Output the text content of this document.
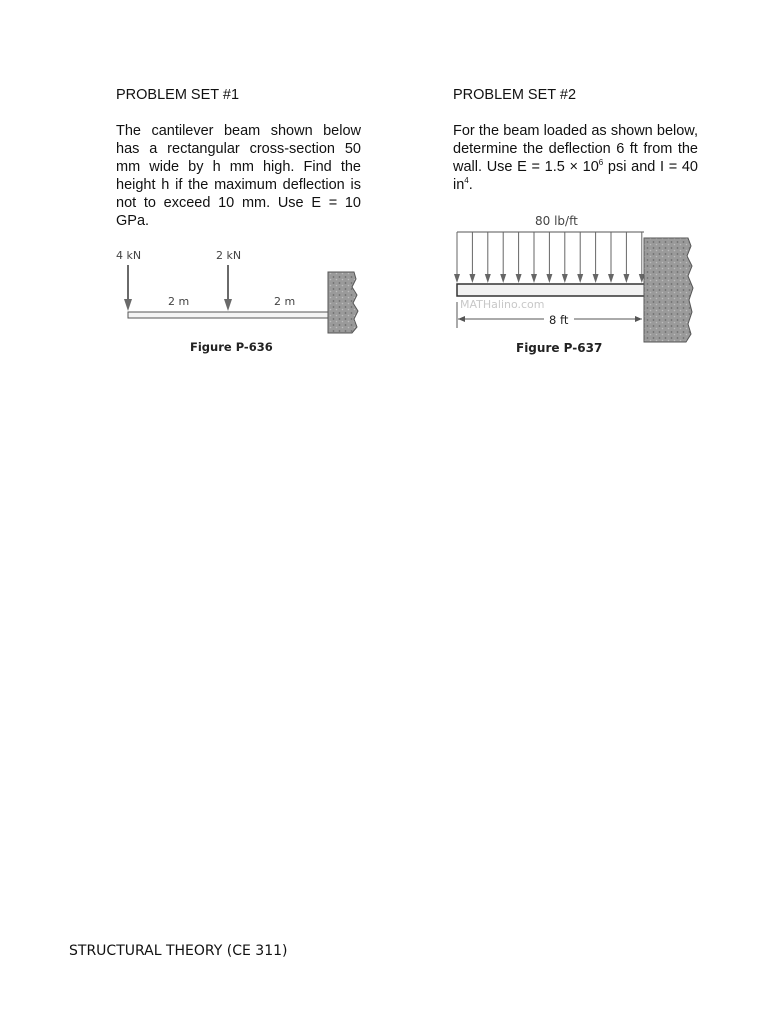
PROBLEM SET #1

The cantilever beam shown below has a rectangular cross-section 50 mm wide by h mm high. Find the height h if the maximum deflection is not to exceed 10 mm. Use E = 10 GPa.

PROBLEM SET #2

For the beam loaded as shown below, determine the deflection 6 ft from the wall. Use $E = 1.5 \times 10^6$ psi and I = 40 $in^4$.

4 kN	2 kN
2 m	2 m
Figure P-636
80 lb/ft
MATHalino.com
8 ft
Figure P-637
STRUCTURAL THEORY (CE 311)
